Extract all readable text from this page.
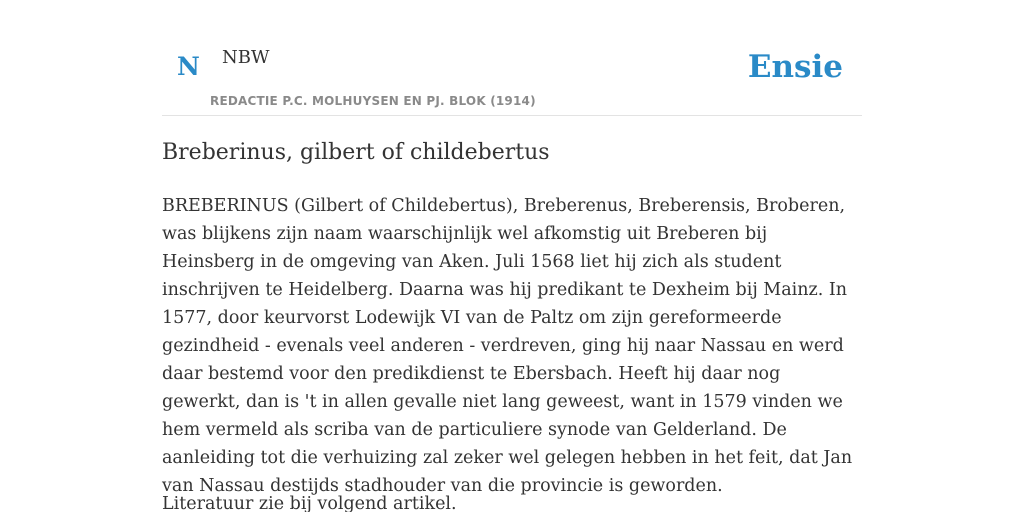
N NBW
REDACTIE P.C. MOLHUYSEN EN PJ. BLOK (1914)
Ensie
Breberinus, gilbert of childebertus

BREBERINUS (Gilbert of Childebertus), Breberenus, Breberensis, Broberen, was blijkens zijn naam waarschijnlijk wel afkomstig uit Breberen bij Heinsberg in de omgeving van Aken. Juli 1568 liet hij zich als student inschrijven te Heidelberg. Daarna was hij predikant te Dexheim bij Mainz. In 1577, door keurvorst Lodewijk VI van de Paltz om zijn gereformeerde gezindheid - evenals veel anderen - verdreven, ging hij naar Nassau en werd daar bestemd voor den predikdienst te Ebersbach. Heeft hij daar nog gewerkt, dan is 't in allen gevalle niet lang geweest, want in 1579 vinden we hem vermeld als scriba van de particuliere synode van Gelderland. De aanleiding tot die verhuizing zal zeker wel gelegen hebben in het feit, dat Jan van Nassau destijds stadhouder van die provincie is geworden.

Literatuur zie bij volgend artikel.
